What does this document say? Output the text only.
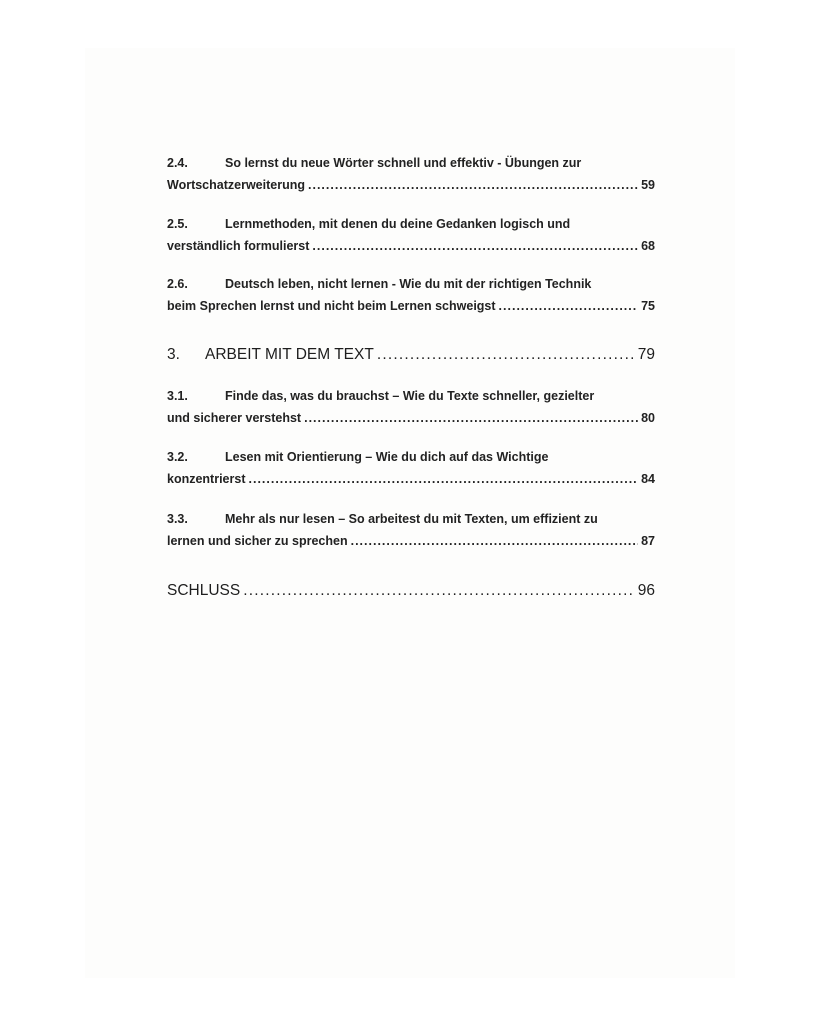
2.4.	So lernst du neue Wörter schnell und effektiv - Übungen zur
Wortschatzerweiterung .....	59
2.5.	Lernmethoden, mit denen du deine Gedanken logisch und
verständlich formulierst .....	68
2.6.	Deutsch leben, nicht lernen - Wie du mit der richtigen Technik
beim Sprechen lernst und nicht beim Lernen schweigst .....	75
3. ARBEIT MIT DEM TEXT .....	79
3.1.	Finde das, was du brauchst – Wie du Texte schneller, gezielter
und sicherer verstehst .....	80
3.2.	Lesen mit Orientierung – Wie du dich auf das Wichtige
konzentrierst .....	84
3.3.	Mehr als nur lesen – So arbeitest du mit Texten, um effizient zu
lernen und sicher zu sprechen .....	87
SCHLUSS .....	96
